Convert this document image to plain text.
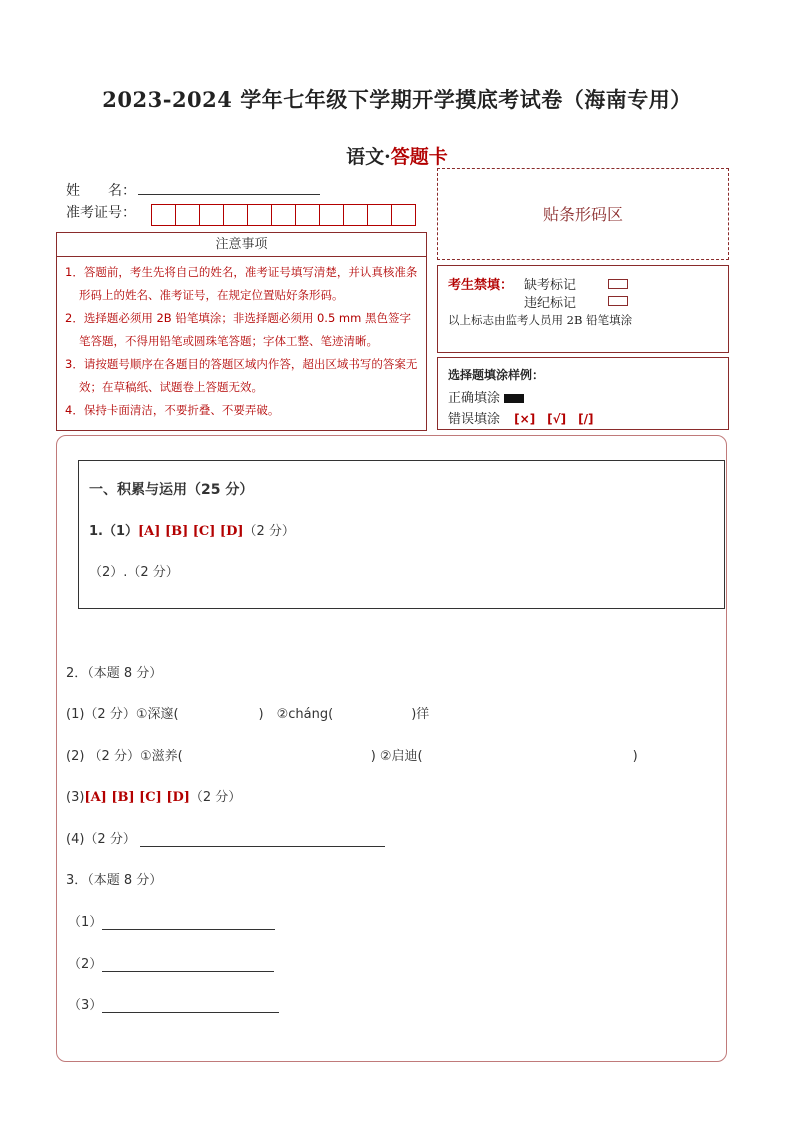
2023-2024 学年七年级下学期开学摸底考试卷（海南专用）
语文·答题卡
姓　　名：
准考证号：	贴条形码区
注意事项
1．答题前，考生先将自己的姓名，准考证号填写清楚，并认真核准条形码上的姓名、准考证号，在规定位置贴好条形码。
2．选择题必须用 2B 铅笔填涂；非选择题必须用 0.5 mm 黑色签字笔答题，不得用铅笔或圆珠笔答题；字体工整、笔迹清晰。
3．请按题号顺序在各题目的答题区域内作答，超出区域书写的答案无效；在草稿纸、试题卷上答题无效。
4．保持卡面清洁，不要折叠、不要弄破。
考生禁填： 缺考标记
违纪标记
以上标志由监考人员用 2B 铅笔填涂
选择题填涂样例：
正确填涂
错误填涂 [×]　[√]　[/]
一、积累与运用（25 分）
1.（1）[A] [B] [C] [D]（2 分）
（2）.（2 分）
2．（本题 8 分）
(1)（2 分）①深邃(	)　②cháng(	)徉
(2) （2 分）①滋养(	) ②启迪(	)
(3)[A] [B] [C] [D]（2 分）
(4)（2 分）
3．（本题 8 分）
（1）
（2）
（3）
